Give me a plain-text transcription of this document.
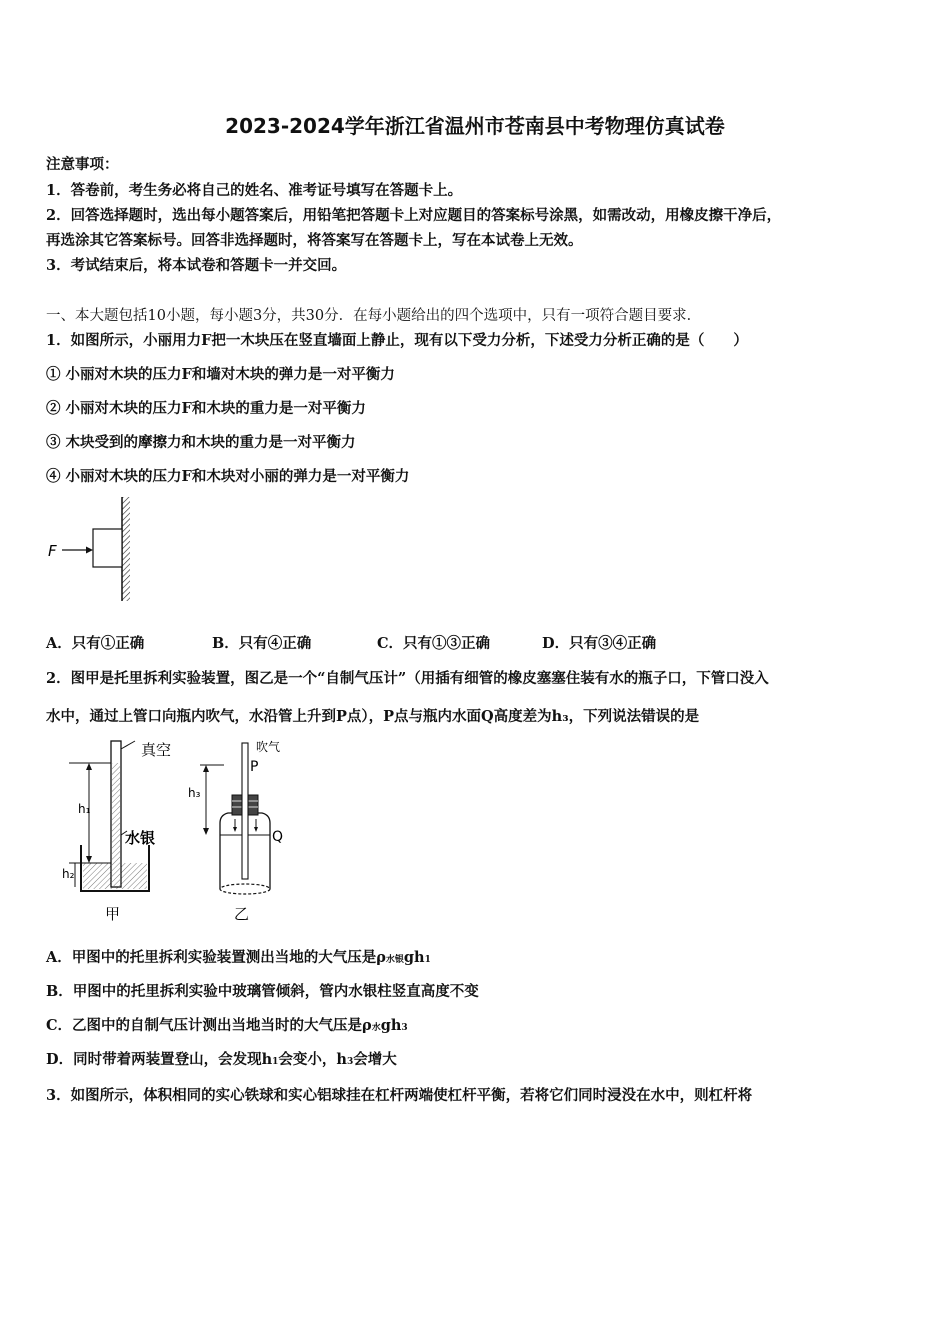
2023-2024学年浙江省温州市苍南县中考物理仿真试卷
注意事项：
1．答卷前，考生务必将自己的姓名、准考证号填写在答题卡上。
2．回答选择题时，选出每小题答案后，用铅笔把答题卡上对应题目的答案标号涂黑，如需改动，用橡皮擦干净后，
再选涂其它答案标号。回答非选择题时，将答案写在答题卡上，写在本试卷上无效。
3．考试结束后，将本试卷和答题卡一并交回。
一、本大题包括10小题，每小题3分，共30分．在每小题给出的四个选项中，只有一项符合题目要求．
1．如图所示，小丽用力F把一木块压在竖直墙面上静止，现有以下受力分析，下述受力分析正确的是（　　）
① 小丽对木块的压力F和墙对木块的弹力是一对平衡力
② 小丽对木块的压力F和木块的重力是一对平衡力
③ 木块受到的摩擦力和木块的重力是一对平衡力
④ 小丽对木块的压力F和木块对小丽的弹力是一对平衡力
F
A．只有①正确	B．只有④正确	C．只有①③正确	D．只有③④正确
2．图甲是托里拆利实验装置，图乙是一个“自制气压计”（用插有细管的橡皮塞塞住装有水的瓶子口，下管口没入
水中，通过上管口向瓶内吹气，水沿管上升到P点），P点与瓶内水面Q高度差为h₃，下列说法错误的是
真空
h₁
h₂
水银
甲
吹气
P
Q
h₃
乙
A．甲图中的托里拆利实验装置测出当地的大气压是ρ水银gh1
B．甲图中的托里拆利实验中玻璃管倾斜，管内水银柱竖直高度不变
C．乙图中的自制气压计测出当地当时的大气压是ρ水gh3
D．同时带着两装置登山，会发现h1会变小，h3会增大
3．如图所示，体积相同的实心铁球和实心铝球挂在杠杆两端使杠杆平衡，若将它们同时浸没在水中，则杠杆将
